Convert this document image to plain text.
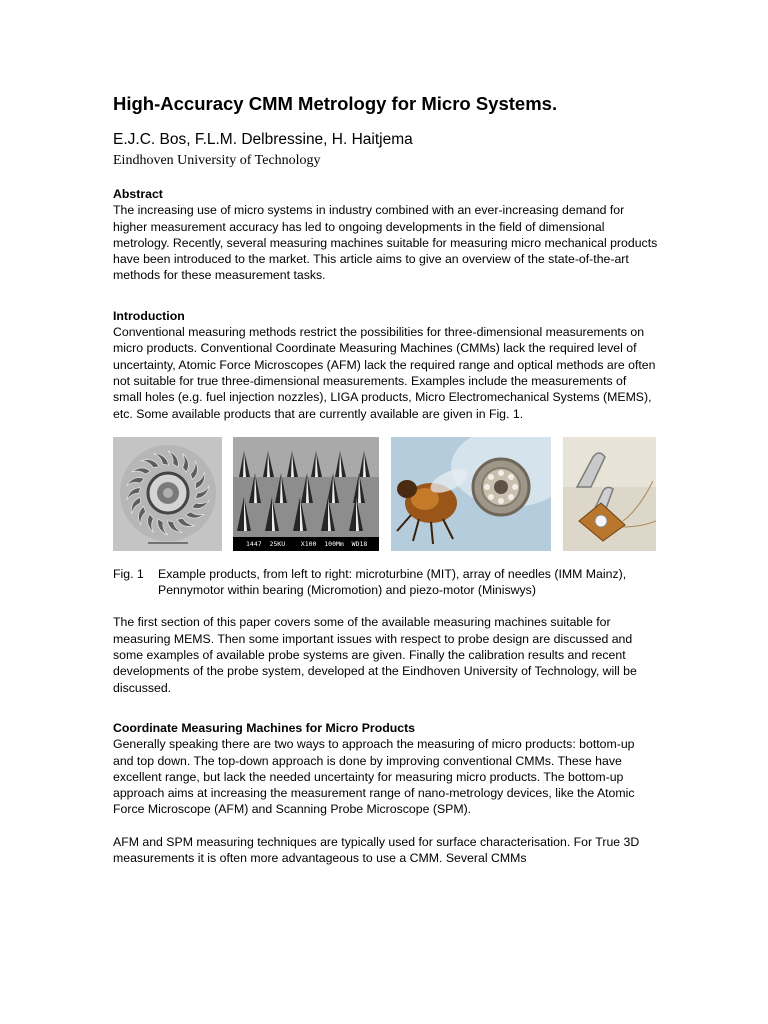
High-Accuracy CMM Metrology for Micro Systems.

E.J.C. Bos, F.L.M. Delbressine, H. Haitjema

Eindhoven University of Technology

Abstract

The increasing use of micro systems in industry combined with an ever-increasing demand for higher measurement accuracy has led to ongoing developments in the field of dimensional metrology. Recently, several measuring machines suitable for measuring micro mechanical products have been introduced to the market. This article aims to give an overview of the state-of-the-art methods for these measurement tasks.

Introduction

Conventional measuring methods restrict the possibilities for three-dimensional measurements on micro products. Conventional Coordinate Measuring Machines (CMMs) lack the required level of uncertainty, Atomic Force Microscopes (AFM) lack the required range and optical methods are often not suitable for true three-dimensional measurements. Examples include the measurements of small holes (e.g. fuel injection nozzles), LIGA products, Micro Electromechanical Systems (MEMS), etc. Some available products that are currently available are given in Fig. 1.

1447  25KU    X100  100Mm  WD18
Fig. 1	Example products, from left to right: microturbine (MIT), array of needles (IMM Mainz), Pennymotor within bearing (Micromotion) and piezo-motor (Miniswys)

The first section of this paper covers some of the available measuring machines suitable for measuring MEMS. Then some important issues with respect to probe design are discussed and some examples of available probe systems are given. Finally the calibration results and recent developments of the probe system, developed at the Eindhoven University of Technology, will be discussed.

Coordinate Measuring Machines for Micro Products

Generally speaking there are two ways to approach the measuring of micro products: bottom-up and top down. The top-down approach is done by improving conventional CMMs. These have excellent range, but lack the needed uncertainty for measuring micro products. The bottom-up approach aims at increasing the measurement range of nano-metrology devices, like the Atomic Force Microscope (AFM) and Scanning Probe Microscope (SPM).

AFM and SPM measuring techniques are typically used for surface characterisation. For True 3D measurements it is often more advantageous to use a CMM. Several CMMs
